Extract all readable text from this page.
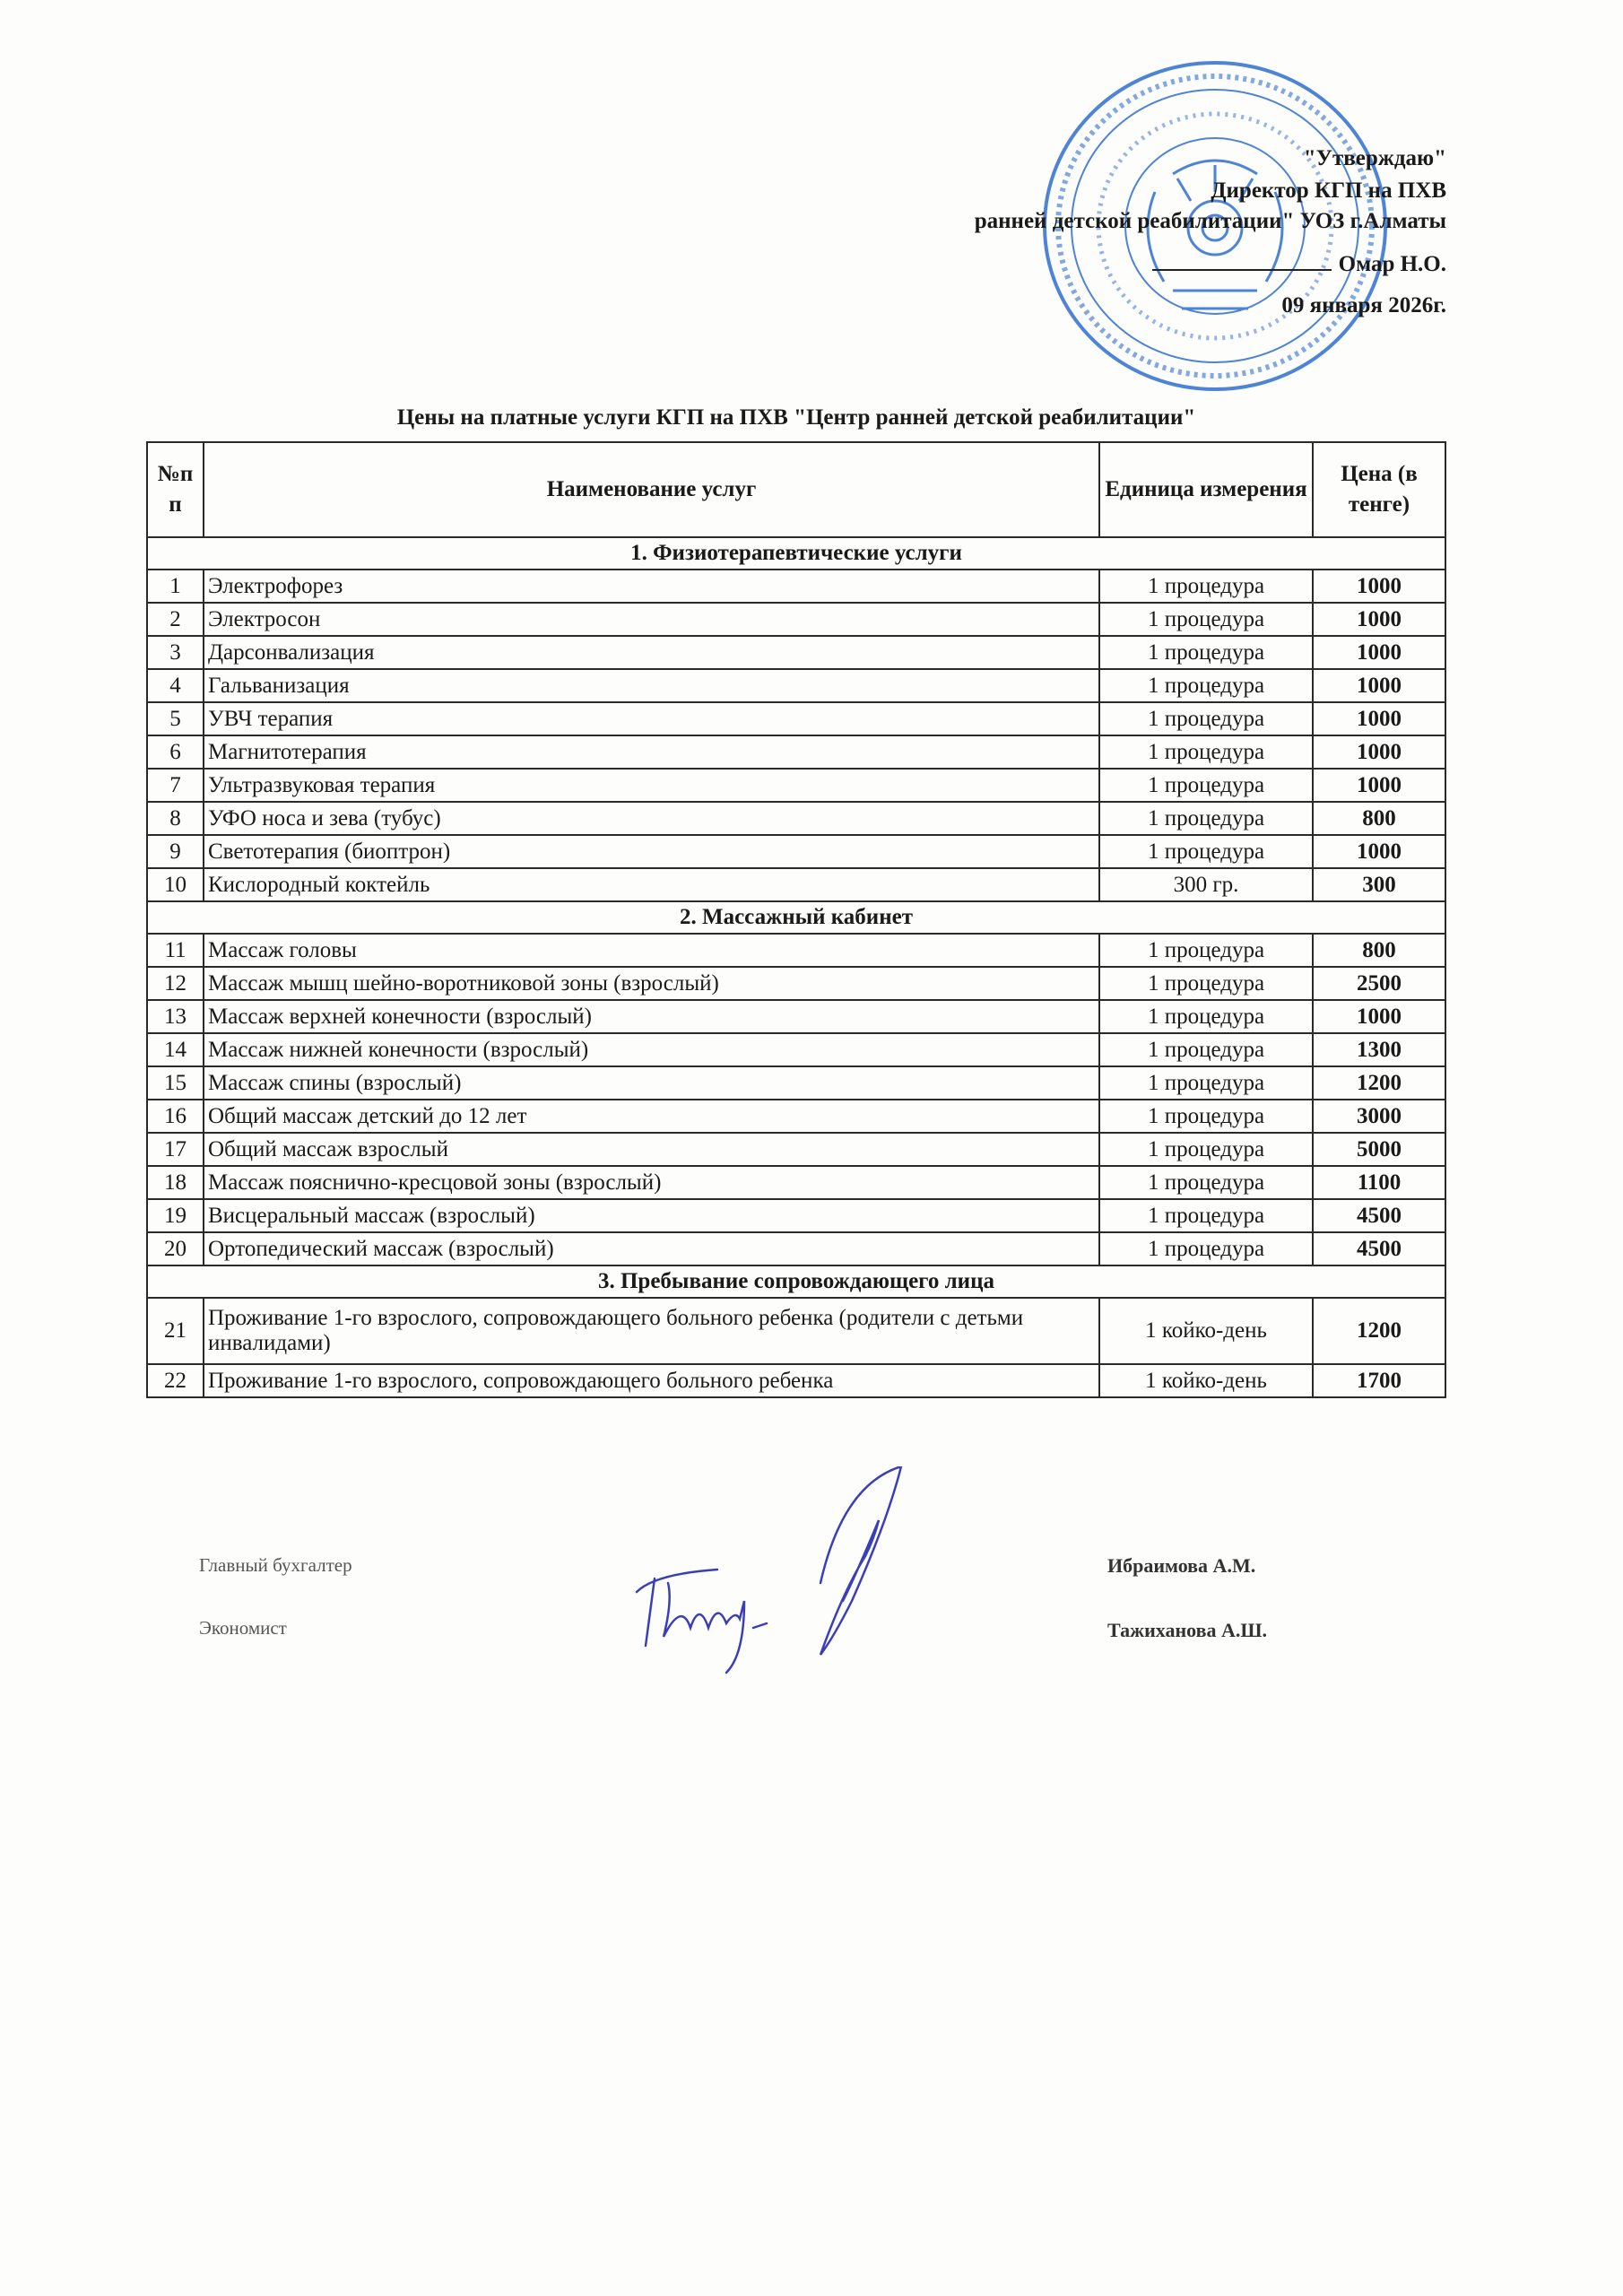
"Утверждаю"
Директор КГП на ПХВ
ранней детской реабилитации" УОЗ г.Алматы
Омар Н.О.
09 января 2026г.
Цены на платные услуги КГП на ПХВ "Центр ранней детской реабилитации"
№п п	Наименование услуг	Единица измерения	Цена (в тенге)
1. Физиотерапевтические услуги			
1	Электрофорез	1 процедура	1000
2	Электросон	1 процедура	1000
3	Дарсонвализация	1 процедура	1000
4	Гальванизация	1 процедура	1000
5	УВЧ терапия	1 процедура	1000
6	Магнитотерапия	1 процедура	1000
7	Ультразвуковая терапия	1 процедура	1000
8	УФО носа и зева (тубус)	1 процедура	800
9	Светотерапия (биоптрон)	1 процедура	1000
10	Кислородный коктейль	300 гр.	300
2. Массажный кабинет			
11	Массаж головы	1 процедура	800
12	Массаж мышц шейно-воротниковой зоны (взрослый)	1 процедура	2500
13	Массаж верхней конечности (взрослый)	1 процедура	1000
14	Массаж нижней конечности (взрослый)	1 процедура	1300
15	Массаж спины (взрослый)	1 процедура	1200
16	Общий массаж детский до 12 лет	1 процедура	3000
17	Общий массаж взрослый	1 процедура	5000
18	Массаж пояснично-кресцовой зоны (взрослый)	1 процедура	1100
19	Висцеральный массаж (взрослый)	1 процедура	4500
20	Ортопедический массаж (взрослый)	1 процедура	4500
3. Пребывание сопровождающего лица			
21	Проживание 1-го взрослого, сопровождающего больного ребенка (родители с детьми инвалидами)	1 койко-день	1200
22	Проживание 1-го взрослого, сопровождающего больного ребенка	1 койко-день	1700
Главный бухгалтер	Ибраимова А.М.
Экономист	Тажиханова А.Ш.
